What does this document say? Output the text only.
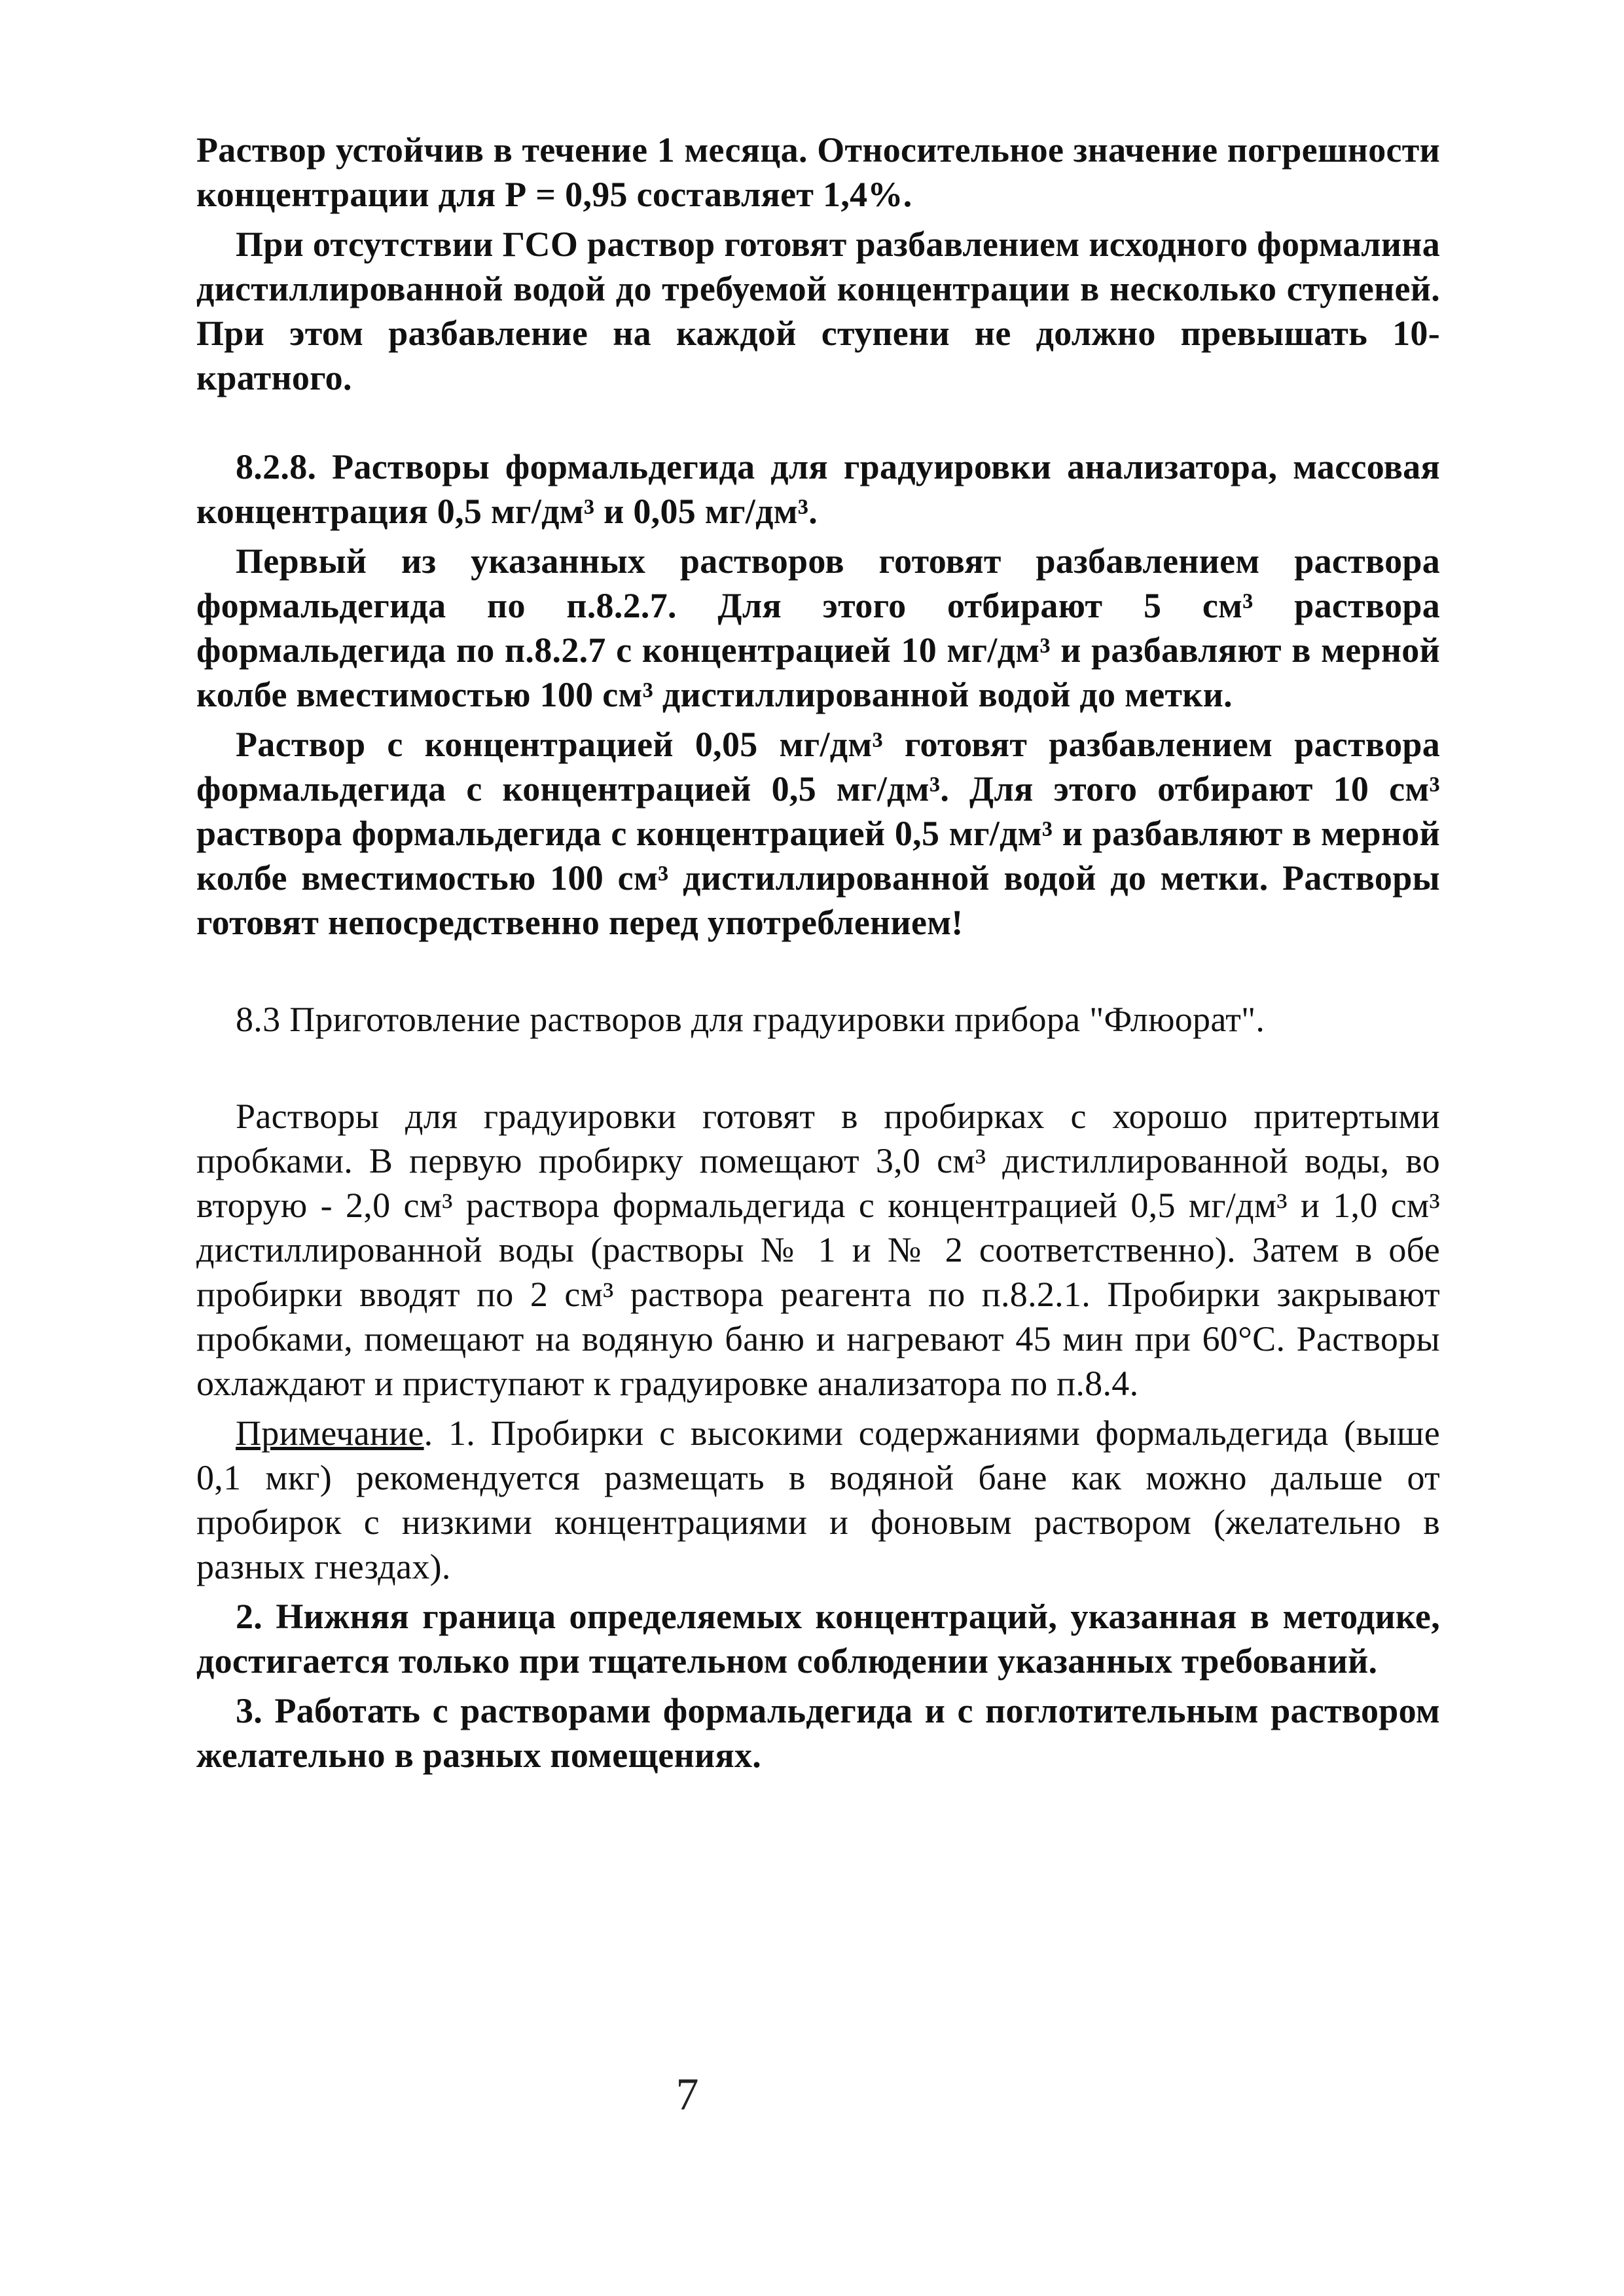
Раствор устойчив в течение 1 месяца. Относительное значение погрешности концентрации для Р = 0,95 составляет 1,4%.

При отсутствии ГСО раствор готовят разбавлением исходного формалина дистиллированной водой до требуемой концентрации в несколько ступеней. При этом разбавление на каждой ступени не должно превышать 10-кратного.

8.2.8. Растворы формальдегида для градуировки анализатора, массовая концентрация 0,5 мг/дм³ и 0,05 мг/дм³.

Первый из указанных растворов готовят разбавлением раствора формальдегида по п.8.2.7. Для этого отбирают 5 см³ раствора формальдегида по п.8.2.7 с концентрацией 10 мг/дм³ и разбавляют в мерной колбе вместимостью 100 см³ дистиллированной водой до метки.

Раствор с концентрацией 0,05 мг/дм³ готовят разбавлением раствора формальдегида с концентрацией 0,5 мг/дм³. Для этого отбирают 10 см³ раствора формальдегида с концентрацией 0,5 мг/дм³ и разбавляют в мерной колбе вместимостью 100 см³ дистиллированной водой до метки. Растворы готовят непосредственно перед употреблением!

8.3 Приготовление растворов для градуировки прибора "Флюорат".

Растворы для градуировки готовят в пробирках с хорошо притертыми пробками. В первую пробирку помещают 3,0 см³ дистиллированной воды, во вторую - 2,0 см³ раствора формальдегида с концентрацией 0,5 мг/дм³ и 1,0 см³ дистиллированной воды (растворы № 1 и № 2 соответственно). Затем в обе пробирки вводят по 2 см³ раствора реагента по п.8.2.1. Пробирки закрывают пробками, помещают на водяную баню и нагревают 45 мин при 60°С. Растворы охлаждают и приступают к градуировке анализатора по п.8.4.

Примечание. 1. Пробирки с высокими содержаниями формальдегида (выше 0,1 мкг) рекомендуется размещать в водяной бане как можно дальше от пробирок с низкими концентрациями и фоновым раствором (желательно в разных гнездах).

2. Нижняя граница определяемых концентраций, указанная в методике, достигается только при тщательном соблюдении указанных требований.

3. Работать с растворами формальдегида и с поглотительным раствором желательно в разных помещениях.

7
